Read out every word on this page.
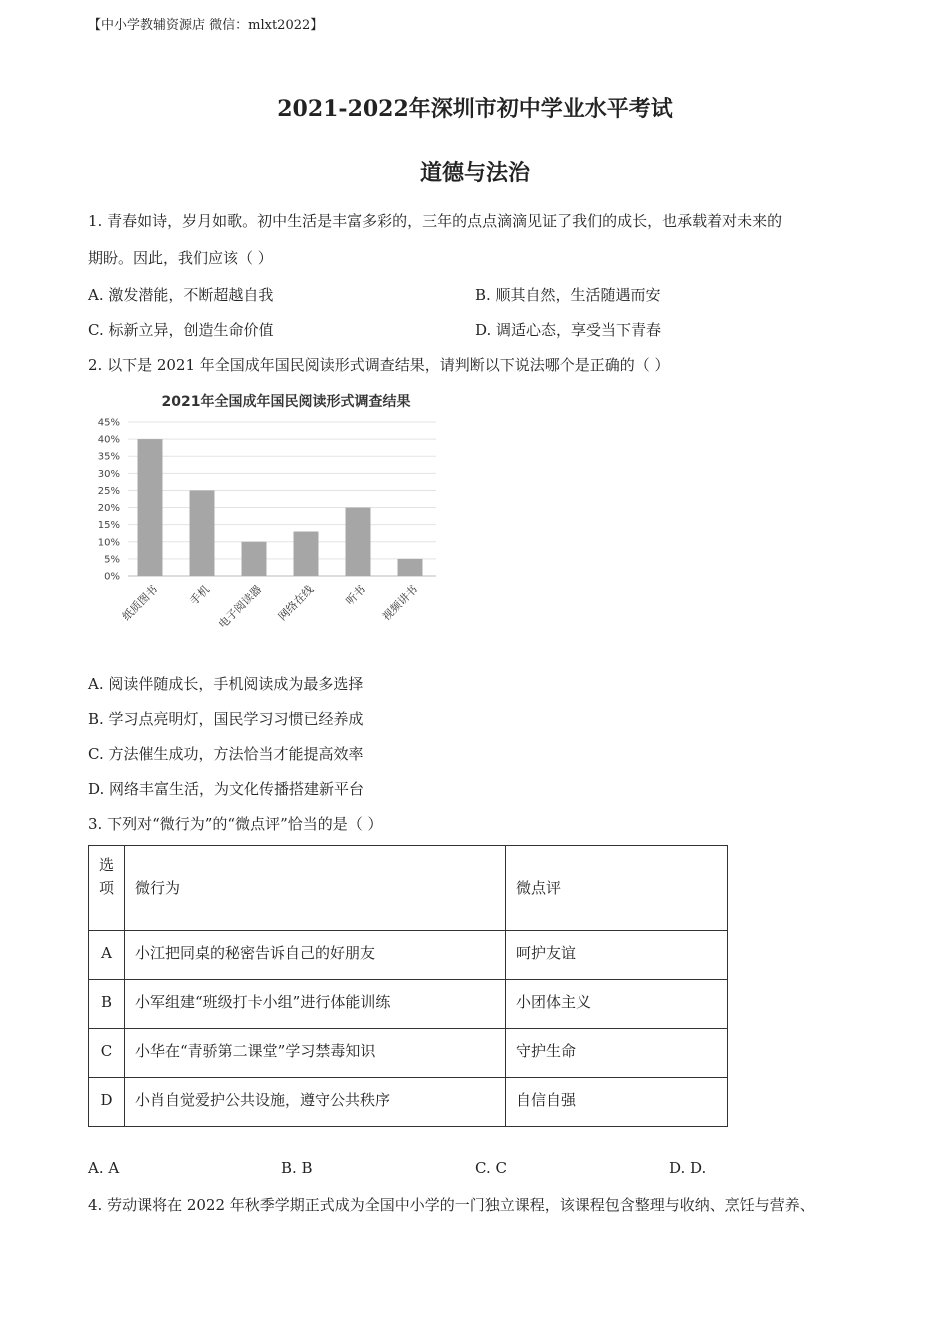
【中小学教辅资源店 微信：mlxt2022】
2021-2022年深圳市初中学业水平考试
道德与法治
1. 青春如诗，岁月如歌。初中生活是丰富多彩的，三年的点点滴滴见证了我们的成长，也承载着对未来的
期盼。因此，我们应该（ ）
A. 激发潜能，不断超越自我	B. 顺其自然，生活随遇而安
C. 标新立异，创造生命价值	D. 调适心态，享受当下青春
2. 以下是 2021 年全国成年国民阅读形式调查结果，请判断以下说法哪个是正确的（ ）
2021年全国成年国民阅读形式调查结果
0%
5%
10%
15%
20%
25%
30%
35%
40%
45%
纸质图书 手机 电子阅读器 网络在线 听书 视频讲书
A. 阅读伴随成长，手机阅读成为最多选择
B. 学习点亮明灯，国民学习习惯已经养成
C. 方法催生成功，方法恰当才能提高效率
D. 网络丰富生活，为文化传播搭建新平台
3. 下列对“微行为”的“微点评”恰当的是（ ）
选
项	微行为	微点评
A	小江把同桌的秘密告诉自己的好朋友	呵护友谊
B	小军组建“班级打卡小组”进行体能训练	小团体主义
C	小华在“青骄第二课堂”学习禁毒知识	守护生命
D	小肖自觉爱护公共设施，遵守公共秩序	自信自强
A. A	B. B	C. C	D. D.
4. 劳动课将在 2022 年秋季学期正式成为全国中小学的一门独立课程，该课程包含整理与收纳、烹饪与营养、
